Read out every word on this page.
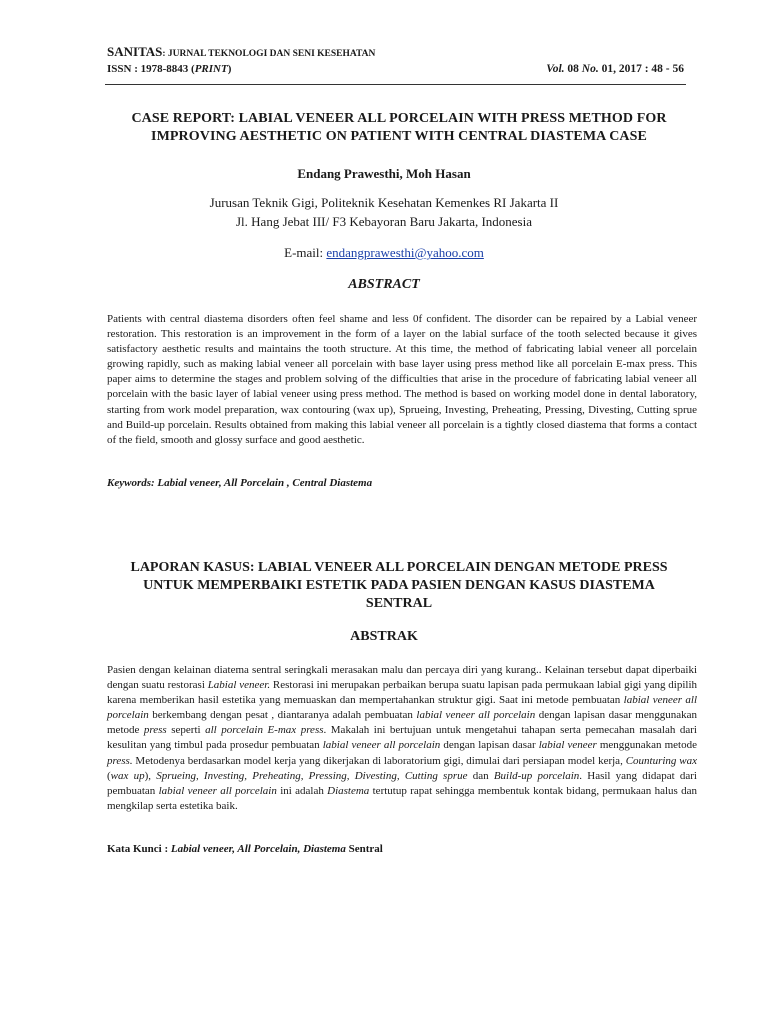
SANITAS: JURNAL TEKNOLOGI DAN SENI KESEHATAN
ISSN : 1978-8843 (PRINT)	Vol. 08 No. 01, 2017 : 48 - 56
CASE REPORT: LABIAL VENEER ALL PORCELAIN WITH PRESS METHOD FOR IMPROVING AESTHETIC ON PATIENT WITH CENTRAL DIASTEMA CASE
Endang Prawesthi, Moh Hasan
Jurusan Teknik Gigi, Politeknik Kesehatan Kemenkes RI Jakarta II
Jl. Hang Jebat III/ F3 Kebayoran Baru Jakarta, Indonesia
E-mail: endangprawesthi@yahoo.com
ABSTRACT
Patients with central diastema disorders often feel shame and less 0f confident. The disorder can be repaired by a Labial veneer restoration. This restoration is an improvement in the form of a layer on the labial surface of the tooth selected because it gives satisfactory aesthetic results and maintains the tooth structure. At this time, the method of fabricating labial veneer all porcelain growing rapidly, such as making labial veneer all porcelain with base layer using press method like all porcelain E-max press. This paper aims to determine the stages and problem solving of the difficulties that arise in the procedure of fabricating labial veneer all porcelain with the basic layer of labial veneer using press method. The method is based on working model done in dental laboratory, starting from work model preparation, wax contouring (wax up), Sprueing, Investing, Preheating, Pressing, Divesting, Cutting sprue and Build-up porcelain. Results obtained from making this labial veneer all porcelain is a tightly closed diastema that forms a contact of the field, smooth and glossy surface and good aesthetic.
Keywords: Labial veneer, All Porcelain , Central Diastema
LAPORAN KASUS: LABIAL VENEER ALL PORCELAIN DENGAN METODE PRESS UNTUK MEMPERBAIKI ESTETIK PADA PASIEN DENGAN KASUS DIASTEMA SENTRAL
ABSTRAK
Pasien dengan kelainan diatema sentral seringkali merasakan malu dan percaya diri yang kurang.. Kelainan tersebut dapat diperbaiki dengan suatu restorasi Labial veneer. Restorasi ini merupakan perbaikan berupa suatu lapisan pada permukaan labial gigi yang dipilih karena memberikan hasil estetika yang memuaskan dan mempertahankan struktur gigi. Saat ini metode pembuatan labial veneer all porcelain berkembang dengan pesat , diantaranya adalah pembuatan labial veneer all porcelain dengan lapisan dasar menggunakan metode press seperti all porcelain E-max press. Makalah ini bertujuan untuk mengetahui tahapan serta pemecahan masalah dari kesulitan yang timbul pada prosedur pembuatan labial veneer all porcelain dengan lapisan dasar labial veneer menggunakan metode press. Metodenya berdasarkan model kerja yang dikerjakan di laboratorium gigi, dimulai dari persiapan model kerja, Counturing wax (wax up), Sprueing, Investing, Preheating, Pressing, Divesting, Cutting sprue dan Build-up porcelain. Hasil yang didapat dari pembuatan labial veneer all porcelain ini adalah Diastema tertutup rapat sehingga membentuk kontak bidang, permukaan halus dan mengkilap serta estetika baik.
Kata Kunci : Labial veneer, All Porcelain, Diastema Sentral
